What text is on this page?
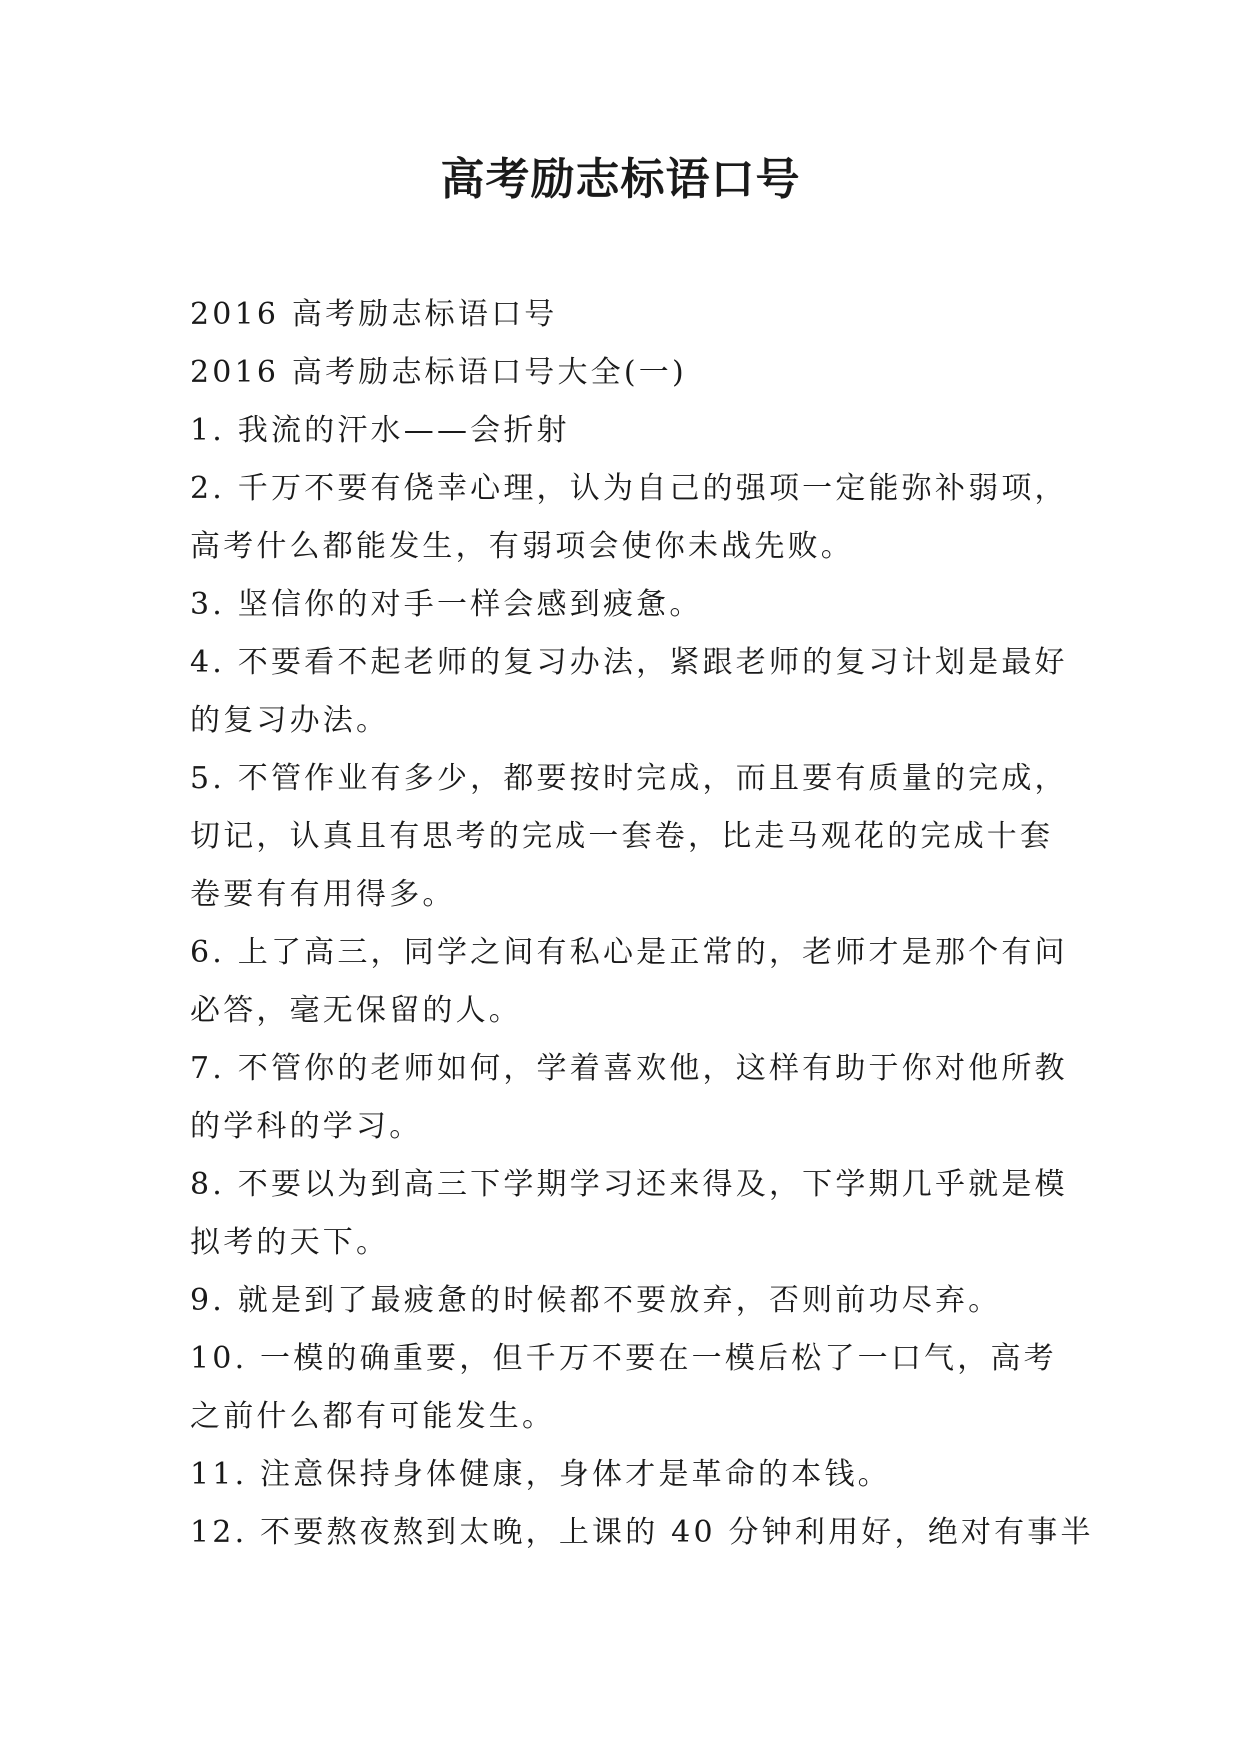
高考励志标语口号
2016 高考励志标语口号
2016 高考励志标语口号大全(一)
1. 我流的汗水——会折射
2. 千万不要有侥幸心理，认为自己的强项一定能弥补弱项，
高考什么都能发生，有弱项会使你未战先败。
3. 坚信你的对手一样会感到疲惫。
4. 不要看不起老师的复习办法，紧跟老师的复习计划是最好
的复习办法。
5. 不管作业有多少，都要按时完成，而且要有质量的完成，
切记，认真且有思考的完成一套卷，比走马观花的完成十套
卷要有有用得多。
6. 上了高三，同学之间有私心是正常的，老师才是那个有问
必答，毫无保留的人。
7. 不管你的老师如何，学着喜欢他，这样有助于你对他所教
的学科的学习。
8. 不要以为到高三下学期学习还来得及，下学期几乎就是模
拟考的天下。
9. 就是到了最疲惫的时候都不要放弃，否则前功尽弃。
10. 一模的确重要，但千万不要在一模后松了一口气，高考
之前什么都有可能发生。
11. 注意保持身体健康，身体才是革命的本钱。
12. 不要熬夜熬到太晚，上课的 40 分钟利用好，绝对有事半
